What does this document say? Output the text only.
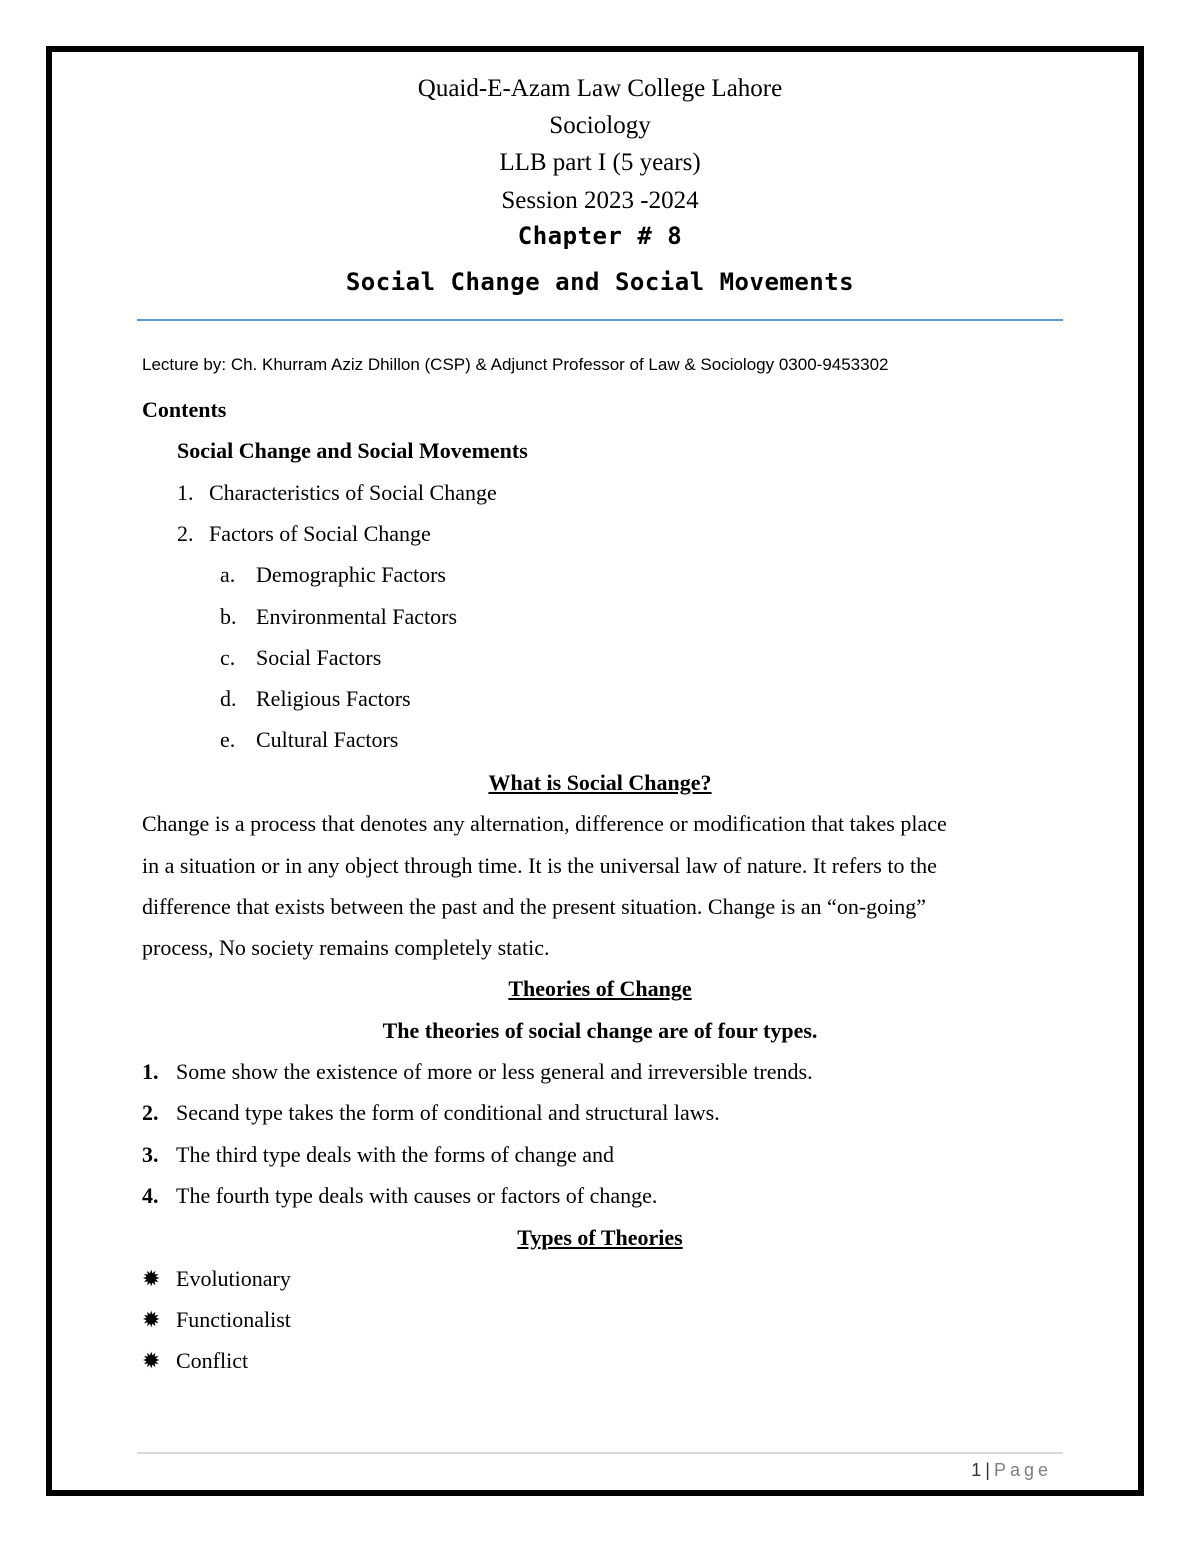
Quaid-E-Azam Law College Lahore
Sociology
LLB part I (5 years)
Session 2023 -2024
Chapter # 8
Social Change and Social Movements
Lecture by: Ch. Khurram Aziz Dhillon (CSP) & Adjunct Professor of Law & Sociology 0300-9453302
Contents
Social Change and Social Movements
1. Characteristics of Social Change
2. Factors of Social Change
a. Demographic Factors
b. Environmental Factors
c. Social Factors
d. Religious Factors
e. Cultural Factors
What is Social Change?
Change is a process that denotes any alternation, difference or modification that takes place
in a situation or in any object through time. It is the universal law of nature. It refers to the
difference that exists between the past and the present situation. Change is an “on-going”
process, No society remains completely static.
Theories of Change
The theories of social change are of four types.
1. Some show the existence of more or less general and irreversible trends.
2. Secand type takes the form of conditional and structural laws.
3. The third type deals with the forms of change and
4. The fourth type deals with causes or factors of change.
Types of Theories
✹ Evolutionary
✹ Functionalist
✹ Conflict
1 | Page
